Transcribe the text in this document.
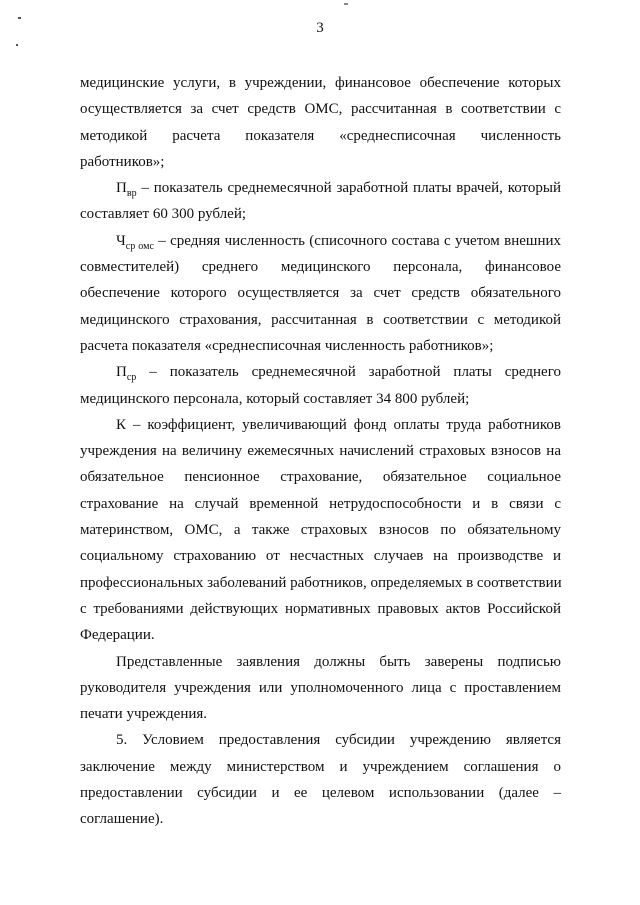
3
медицинские услуги, в учреждении, финансовое обеспечение которых
осуществляется за счет средств ОМС, рассчитанная в соответствии с
методикой расчета показателя «среднесписочная численность
работников»;
$П_{вр}$ – показатель среднемесячной заработной платы врачей, который
составляет 60 300 рублей;
$Ч_{ср омс}$ – средняя численность (списочного состава с учетом внешних
совместителей) среднего медицинского персонала, финансовое
обеспечение которого осуществляется за счет средств обязательного
медицинского страхования, рассчитанная в соответствии с методикой
расчета показателя «среднесписочная численность работников»;
$П_{ср}$ – показатель среднемесячной заработной платы среднего
медицинского персонала, который составляет 34 800 рублей;
К – коэффициент, увеличивающий фонд оплаты труда работников
учреждения на величину ежемесячных начислений страховых взносов на
обязательное пенсионное страхование, обязательное социальное
страхование на случай временной нетрудоспособности и в связи с
материнством, ОМС, а также страховых взносов по обязательному
социальному страхованию от несчастных случаев на производстве и
профессиональных заболеваний работников, определяемых в соответствии
с требованиями действующих нормативных правовых актов Российской
Федерации.
Представленные заявления должны быть заверены подписью
руководителя учреждения или уполномоченного лица с проставлением
печати учреждения.
5. Условием предоставления субсидии учреждению является
заключение между министерством и учреждением соглашения о
предоставлении субсидии и ее целевом использовании (далее –
соглашение).
